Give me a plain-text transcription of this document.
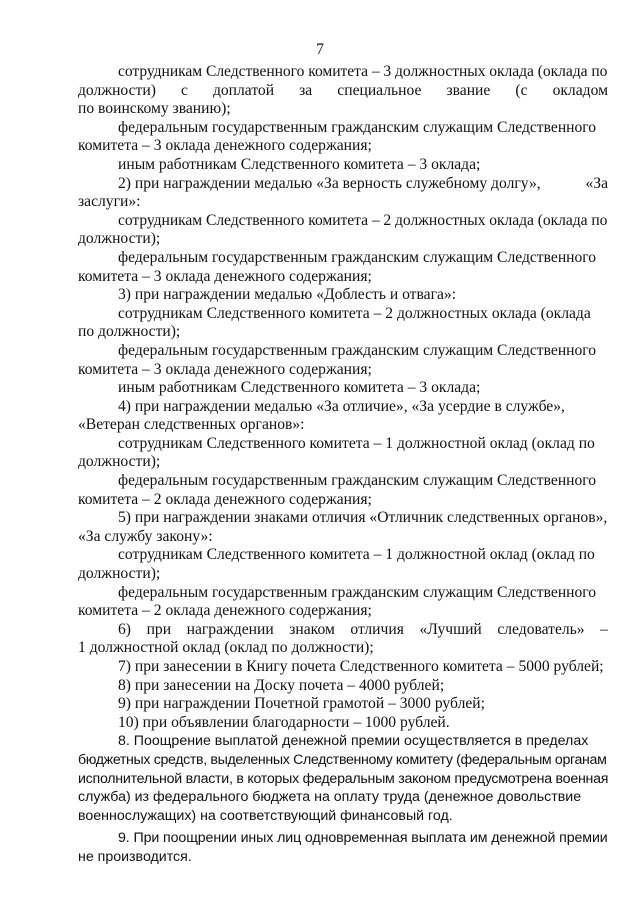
7
сотрудникам Следственного комитета – 3 должностных оклада (оклада по
должности) с доплатой за специальное звание (с окладом
по воинскому званию);
федеральным государственным гражданским служащим Следственного
комитета – 3 оклада денежного содержания;
иным работникам Следственного комитета – 3 оклада;
2) при награждении медалью «За верность служебному долгу»,	«За
заслуги»:
сотрудникам Следственного комитета – 2 должностных оклада (оклада по
должности);
федеральным государственным гражданским служащим Следственного
комитета – 3 оклада денежного содержания;
3) при награждении медалью «Доблесть и отвага»:
сотрудникам Следственного комитета – 2 должностных оклада (оклада
по должности);
федеральным государственным гражданским служащим Следственного
комитета – 3 оклада денежного содержания;
иным работникам Следственного комитета – 3 оклада;
4) при награждении медалью «За отличие», «За усердие в службе»,
«Ветеран следственных органов»:
сотрудникам Следственного комитета – 1 должностной оклад (оклад по
должности);
федеральным государственным гражданским служащим Следственного
комитета – 2 оклада денежного содержания;
5) при награждении знаками отличия «Отличник следственных органов»,
«За службу закону»:
сотрудникам Следственного комитета – 1 должностной оклад (оклад по
должности);
федеральным государственным гражданским служащим Следственного
комитета – 2 оклада денежного содержания;
6) при награждении знаком отличия «Лучший следователь» –
1 должностной оклад (оклад по должности);
7) при занесении в Книгу почета Следственного комитета – 5000 рублей;
8) при занесении на Доску почета – 4000 рублей;
9) при награждении Почетной грамотой – 3000 рублей;
10) при объявлении благодарности – 1000 рублей.
8. Поощрение выплатой денежной премии осуществляется в пределах
бюджетных средств, выделенных Следственному комитету (федеральным органам
исполнительной власти, в которых федеральным законом предусмотрена военная
служба) из федерального бюджета на оплату труда (денежное довольствие
военнослужащих) на соответствующий финансовый год.
9. При поощрении иных лиц одновременная выплата им денежной премии
не производится.
